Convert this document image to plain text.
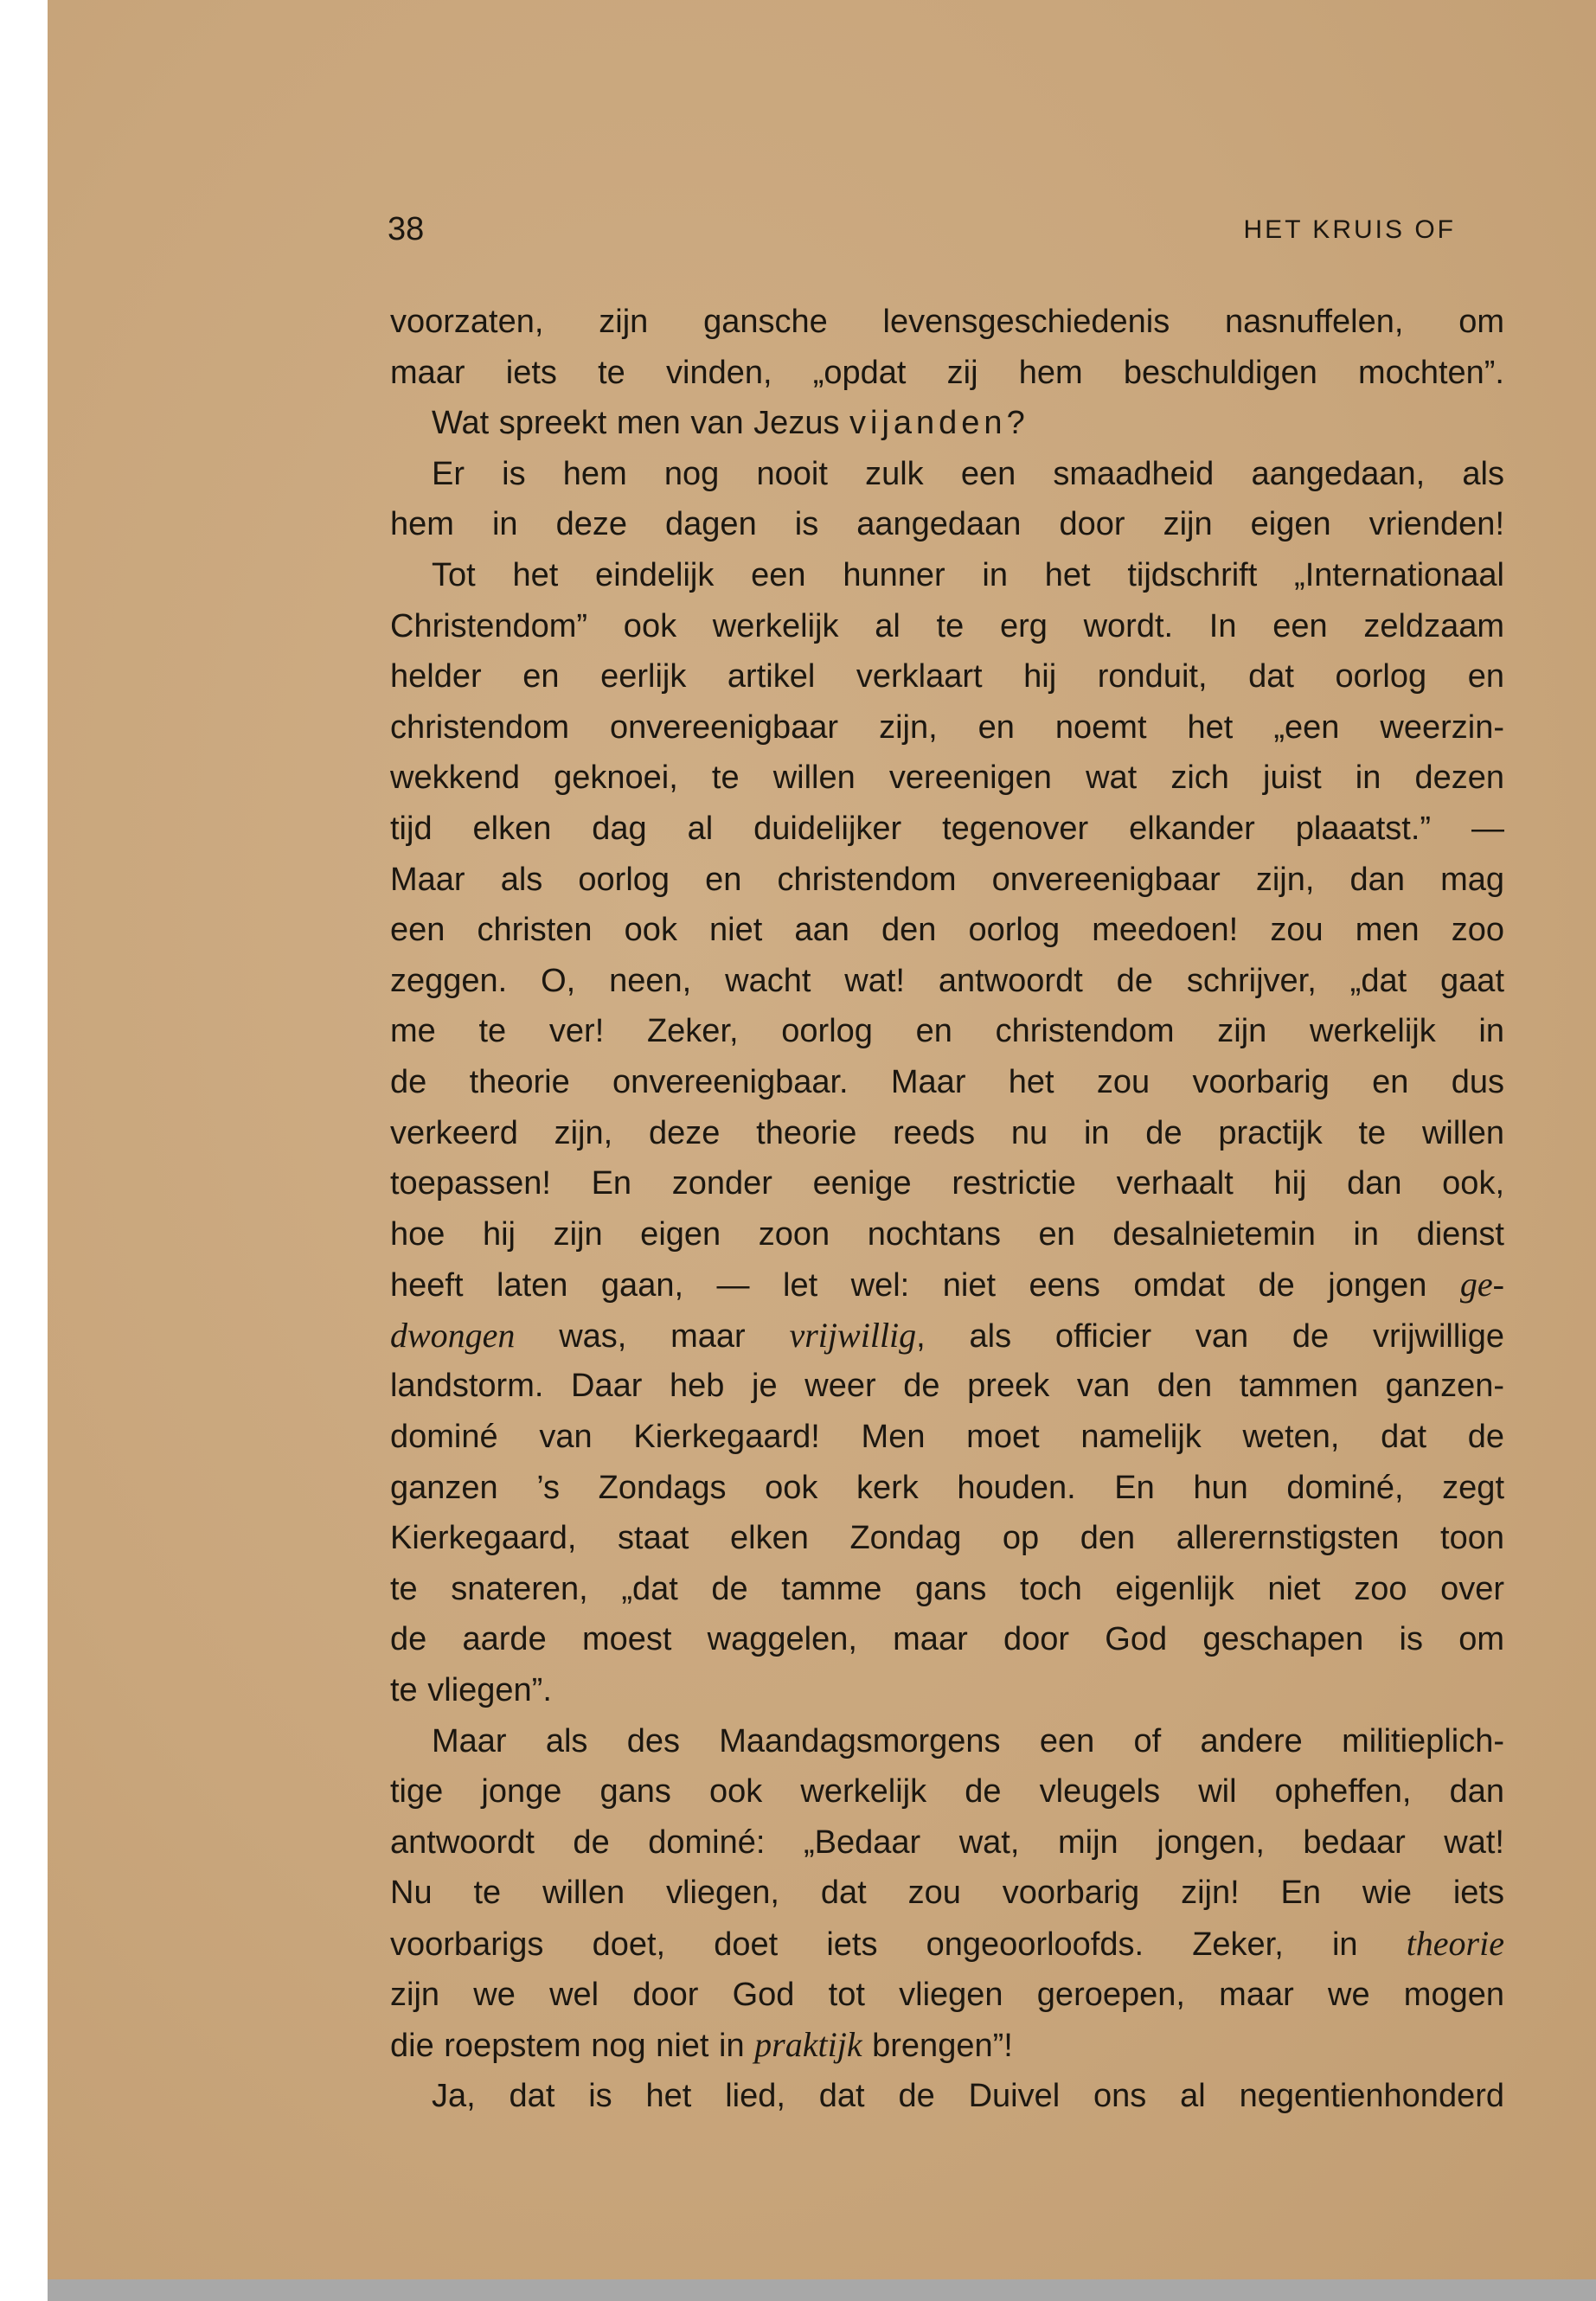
38	HET KRUIS OF
voorzaten, zijn gansche levensgeschiedenis nasnuffelen, om
maar iets te vinden, „opdat zij hem beschuldigen mochten”.
Wat spreekt men van Jezus vijanden?
Er is hem nog nooit zulk een smaadheid aangedaan, als
hem in deze dagen is aangedaan door zijn eigen vrienden!
Tot het eindelijk een hunner in het tijdschrift „Internationaal
Christendom” ook werkelijk al te erg wordt. In een zeldzaam
helder en eerlijk artikel verklaart hij ronduit, dat oorlog en
christendom onvereenigbaar zijn, en noemt het „een weerzin-
wekkend geknoei, te willen vereenigen wat zich juist in dezen
tijd elken dag al duidelijker tegenover elkander plaaatst.” —
Maar als oorlog en christendom onvereenigbaar zijn, dan mag
een christen ook niet aan den oorlog meedoen! zou men zoo
zeggen. O, neen, wacht wat! antwoordt de schrijver, „dat gaat
me te ver! Zeker, oorlog en christendom zijn werkelijk in
de theorie onvereenigbaar. Maar het zou voorbarig en dus
verkeerd zijn, deze theorie reeds nu in de practijk te willen
toepassen! En zonder eenige restrictie verhaalt hij dan ook,
hoe hij zijn eigen zoon nochtans en desalnietemin in dienst
heeft laten gaan, — let wel: niet eens omdat de jongen ge-
dwongen was, maar vrijwillig, als officier van de vrijwillige
landstorm. Daar heb je weer de preek van den tammen ganzen-
dominé van Kierkegaard! Men moet namelijk weten, dat de
ganzen ’s Zondags ook kerk houden. En hun dominé, zegt
Kierkegaard, staat elken Zondag op den allerernstigsten toon
te snateren, „dat de tamme gans toch eigenlijk niet zoo over
de aarde moest waggelen, maar door God geschapen is om
te vliegen”.
Maar als des Maandagsmorgens een of andere militieplich-
tige jonge gans ook werkelijk de vleugels wil opheffen, dan
antwoordt de dominé: „Bedaar wat, mijn jongen, bedaar wat!
Nu te willen vliegen, dat zou voorbarig zijn! En wie iets
voorbarigs doet, doet iets ongeoorloofds. Zeker, in theorie
zijn we wel door God tot vliegen geroepen, maar we mogen
die roepstem nog niet in praktijk brengen”!
Ja, dat is het lied, dat de Duivel ons al negentienhonderd
